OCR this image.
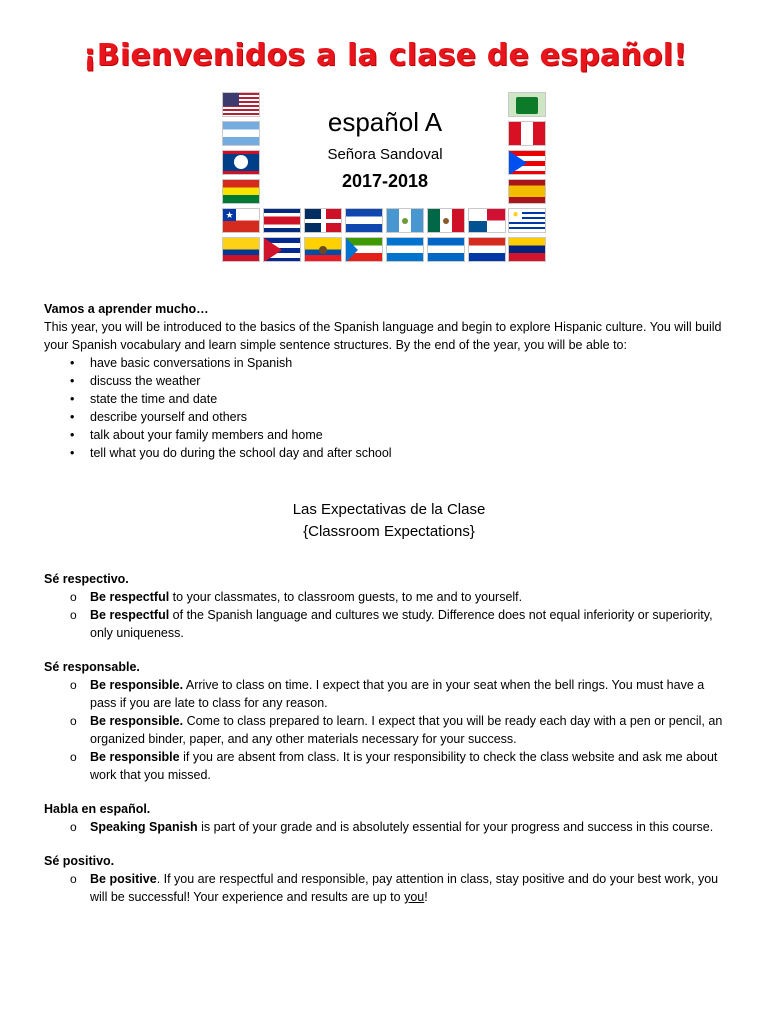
¡Bienvenidos a la clase de español!
★	●
español A
Señora Sandoval
2017-2018
Vamos a aprender mucho…
This year, you will be introduced to the basics of the Spanish language and begin to explore Hispanic culture. You will build your Spanish vocabulary and learn simple sentence structures. By the end of the year, you will be able to:
• have basic conversations in Spanish
• discuss the weather
• state the time and date
• describe yourself and others
• talk about your family members and home
• tell what you do during the school day and after school
Las Expectativas de la Clase
{Classroom Expectations}
Sé respectivo.
o Be respectful to your classmates, to classroom guests, to me and to yourself.
o Be respectful of the Spanish language and cultures we study. Difference does not equal inferiority or superiority, only uniqueness.
Sé responsable.
o Be responsible. Arrive to class on time. I expect that you are in your seat when the bell rings. You must have a pass if you are late to class for any reason.
o Be responsible. Come to class prepared to learn. I expect that you will be ready each day with a pen or pencil, an organized binder, paper, and any other materials necessary for your success.
o Be responsible if you are absent from class. It is your responsibility to check the class website and ask me about work that you missed.
Habla en español.
o Speaking Spanish is part of your grade and is absolutely essential for your progress and success in this course.
Sé positivo.
o Be positive. If you are respectful and responsible, pay attention in class, stay positive and do your best work, you will be successful! Your experience and results are up to you!
